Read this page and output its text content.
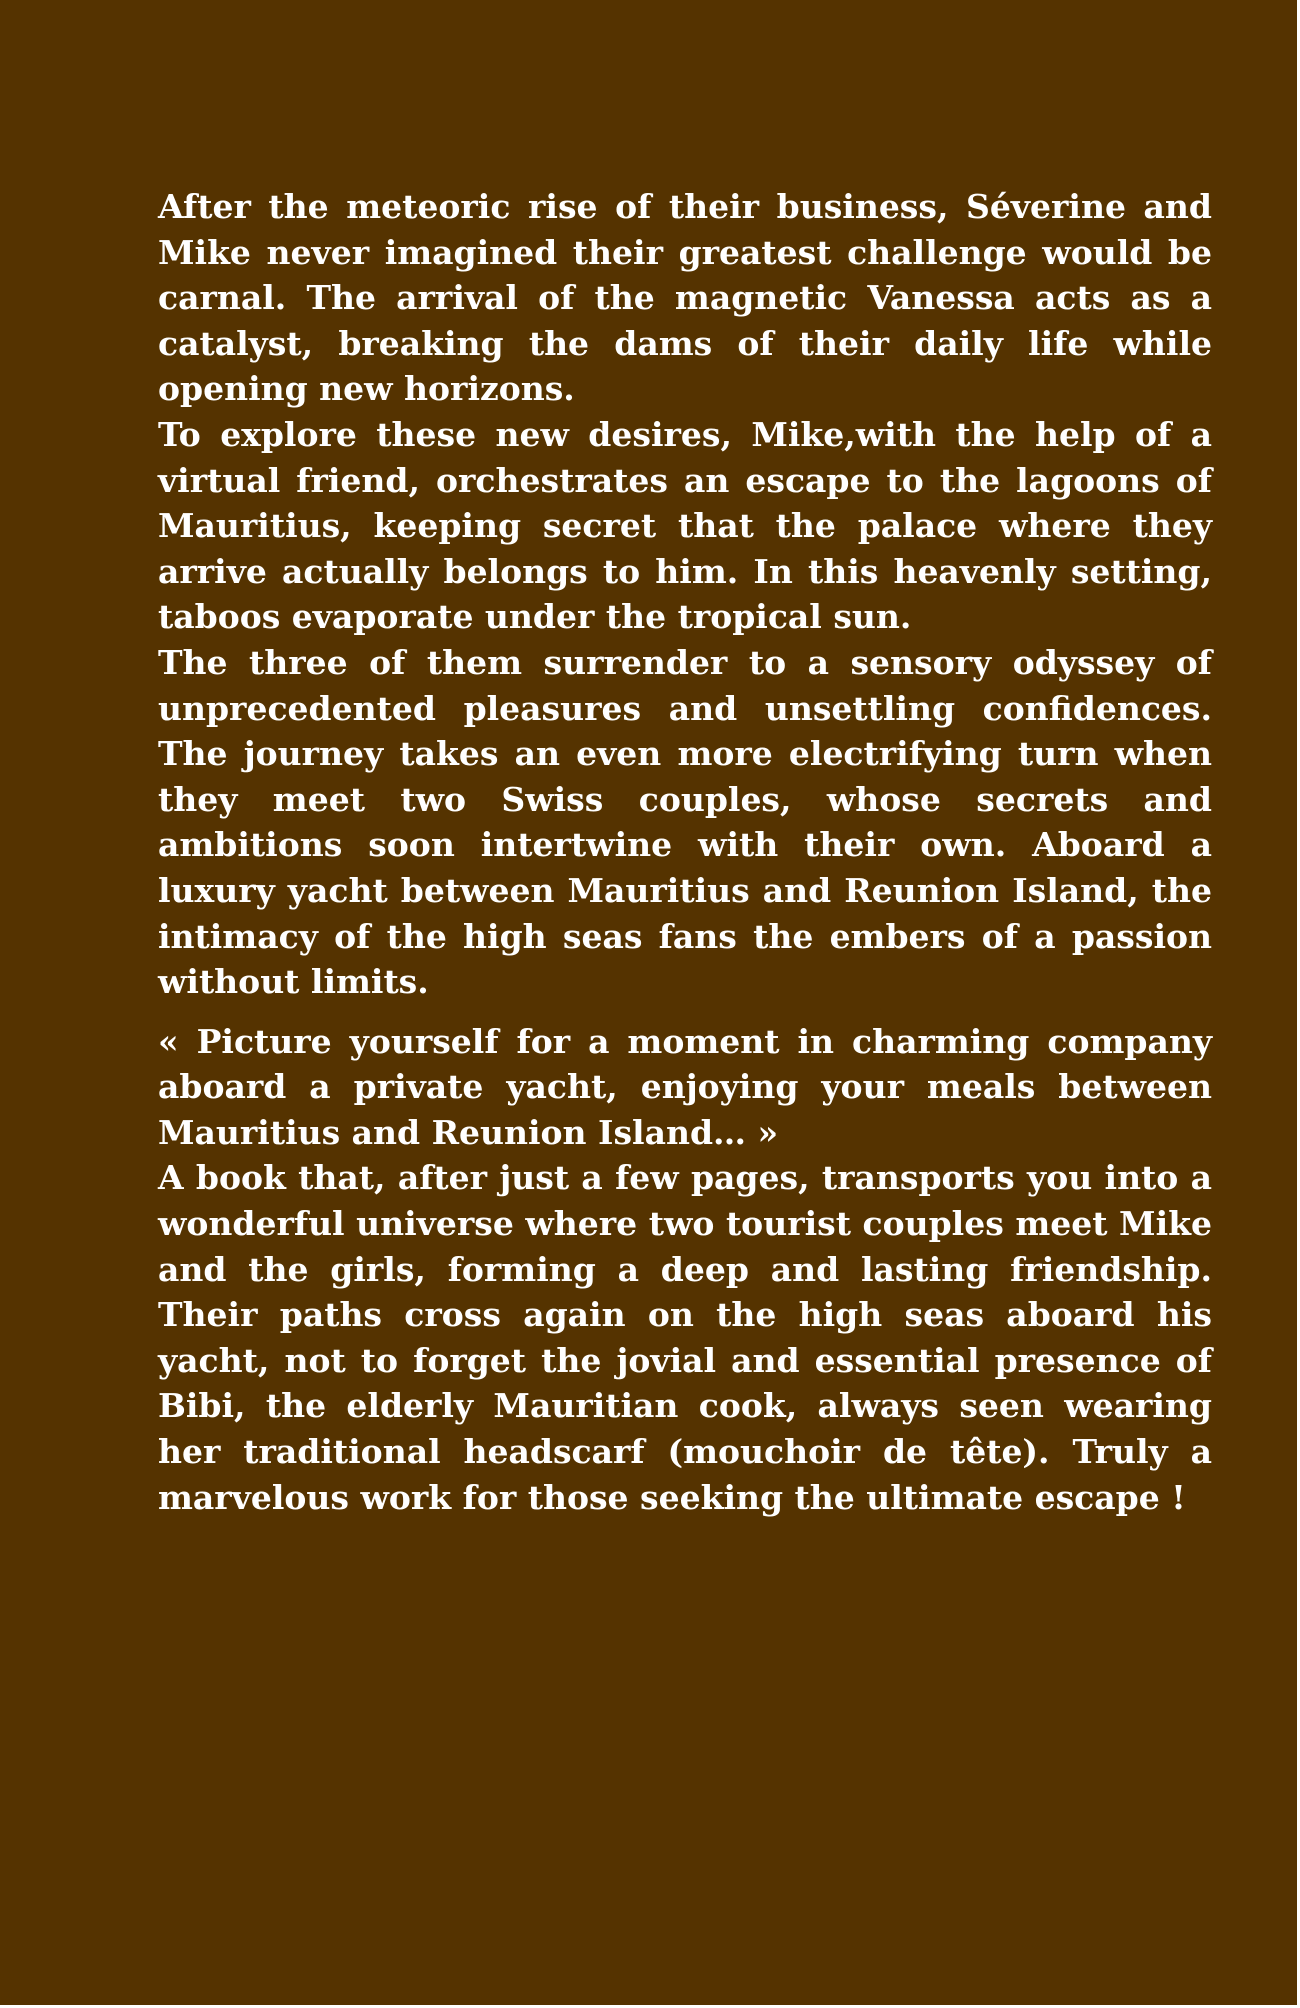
After the meteoric rise of their business, Séverine and Mike never imagined their greatest challenge would be carnal. The arrival of the magnetic Vanessa acts as a catalyst, breaking the dams of their daily life while opening new horizons.

To explore these new desires, Mike,with the help of a virtual friend, orchestrates an escape to the lagoons of Mauritius, keeping secret that the palace where they arrive actually belongs to him. In this heavenly setting, taboos evaporate under the tropical sun.

The three of them surrender to a sensory odyssey of unprecedented pleasures and unsettling confidences. The journey takes an even more electrifying turn when they meet two Swiss couples, whose secrets and ambitions soon intertwine with their own. Aboard a luxury yacht between Mauritius and Reunion Island, the intimacy of the high seas fans the embers of a passion without limits.

« Picture yourself for a moment in charming company aboard a private yacht, enjoying your meals between Mauritius and Reunion Island… »

A book that, after just a few pages, transports you into a wonderful universe where two tourist couples meet Mike and the girls, forming a deep and lasting friendship. Their paths cross again on the high seas aboard his yacht, not to forget the jovial and essential presence of Bibi, the elderly Mauritian cook, always seen wearing her traditional headscarf (mouchoir de tête). Truly a marvelous work for those seeking the ultimate escape !
